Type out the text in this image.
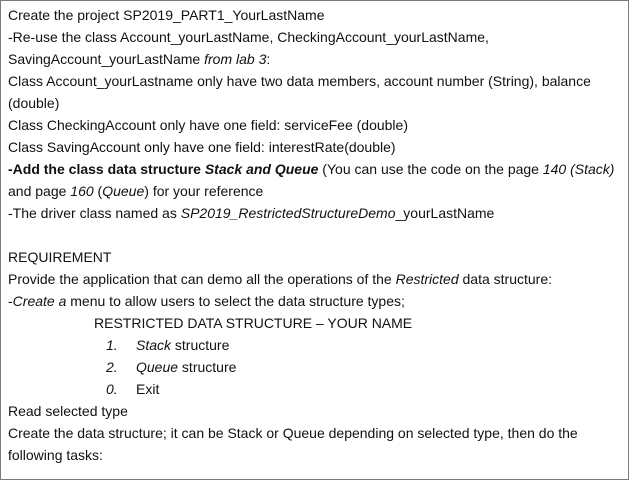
Create the project SP2019_PART1_YourLastName
-Re-use the class Account_yourLastName, CheckingAccount_yourLastName,
SavingAccount_yourLastName from lab 3:
Class Account_yourLastname only have two data members, account number (String), balance
(double)
Class CheckingAccount only have one field: serviceFee (double)
Class SavingAccount only have one field: interestRate(double)
-Add the class data structure Stack and Queue (You can use the code on the page 140 (Stack)
and page 160 (Queue) for your reference
-The driver class named as SP2019_RestrictedStructureDemo_yourLastName
REQUIREMENT
Provide the application that can demo all the operations of the Restricted data structure:
-Create a menu to allow users to select the data structure types;
RESTRICTED DATA STRUCTURE – YOUR NAME
1. Stack structure
2. Queue structure
0. Exit
Read selected type
Create the data structure; it can be Stack or Queue depending on selected type, then do the
following tasks:
